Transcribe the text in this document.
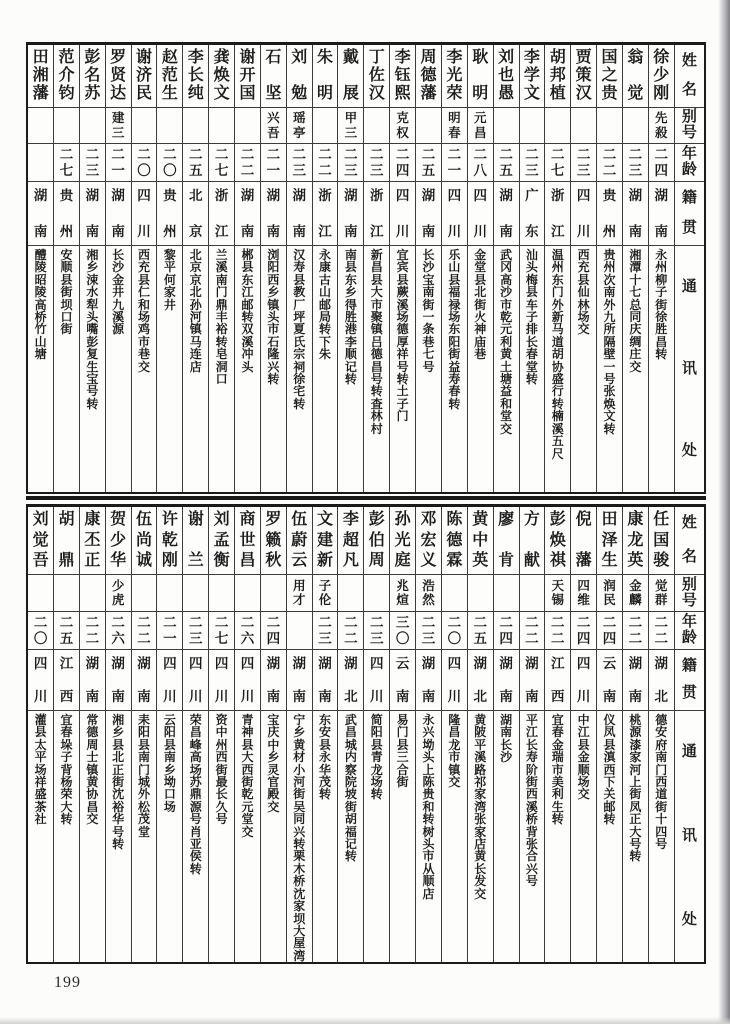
姓
名
别
号
年
龄
籍
贯
通
讯
处
徐
少
刚
先
殺
二
四
湖
南
永
州
柳
子
街
徐
胜
昌
转
翁
觉
二
三
湖
南
湘
潭
十
七
总
同
庆
绸
庄
交
国
之
贵
二
二
贵
州
贵
州
次
南
外
九
所
隔
壁
一
号
张
焕
文
转
贾
策
汉
二
三
四
川
西
充
县
仙
林
场
交
胡
邦
植
二
七
浙
江
温
州
东
门
外
新
马
道
胡
协
盛
行
转
楠
溪
五
尺
李
学
文
二
三
广
东
汕
头
梅
县
车
子
排
长
春
堂
转
刘
也
愚
二
五
湖
南
武
冈
高
沙
市
乾
元
利
黄
土
塘
益
和
堂
交
耿
明
元
昌
二
八
四
川
金
堂
县
北
街
火
神
庙
巷
李
光
荣
明
春
二
一
四
川
乐
山
县
福
禄
场
东
阳
街
益
寿
春
转
周
德
藩
二
五
湖
南
长
沙
宝
南
街
一
条
巷
七
号
李
钰
熙
克
权
二
四
四
川
宜
宾
县
蕨
溪
场
德
厚
祥
号
转
土
子
门
丁
佐
汉
二
三
浙
江
新
昌
县
大
市
聚
镇
吕
德
昌
号
转
查
林
村
戴
展
甲
三
二
三
湖
南
南
县
东
乡
得
胜
港
李
顺
记
转
朱
明
二
二
浙
江
永
康
古
山
邮
局
转
下
朱
刘
勉
瑶
亭
二
三
湖
南
汉
寿
县
教
厂
坪
夏
氏
宗
祠
徐
宅
转
石
坚
兴
吾
二
一
湖
南
浏
阳
西
乡
镇
头
市
石
隆
兴
转
谢
开
国
二
二
湖
南
郴
县
东
江
邮
转
双
溪
冲
头
龚
焕
文
二
七
浙
江
兰
溪
南
门
鼎
丰
裕
转
皂
洞
口
李
长
纯
二
五
北
京
北
京
京
北
孙
河
镇
马
连
店
赵
范
生
二
〇
贵
州
黎
平
何
家
井
谢
济
民
二
〇
四
川
西
充
县
仁
和
场
鸡
市
巷
交
罗
贤
达
建
三
二
一
湖
南
长
沙
金
井
九
溪
源
彭
名
苏
二
三
湖
南
湘
乡
涑
水
犁
头
嘴
彭
复
生
宝
号
转
范
介
钧
二
七
贵
州
安
顺
县
街
坝
口
街
田
湘
藩
湖
南
醴
陵
昭
陵
高
桥
竹
山
塘
姓
名
别
号
年
龄
籍
贯
通
讯
处
任
国
骏
觉
群
二
二
湖
北
德
安
府
南
门
西
道
街
十
四
号
康
龙
英
金
麟
二
二
湖
南
桃
源
漆
家
河
上
街
凤
正
大
号
转
田
泽
生
润
民
二
四
云
南
仪
凤
县
滇
西
下
关
邮
转
倪
藩
四
维
二
四
四
川
中
江
县
金
顺
场
交
彭
焕
祺
天
锡
二
二
江
西
宜
春
金
瑞
市
美
利
生
转
方
献
二
二
湖
南
平
江
长
寿
阶
街
西
溪
桥
背
张
合
兴
号
廖
肯
二
四
湖
南
湖
南
长
沙
黄
中
英
二
五
湖
北
黄
陂
平
溪
路
祁
家
湾
张
家
店
黄
长
发
交
陈
德
霖
二
〇
四
川
隆
昌
龙
市
镇
交
邓
宏
义
浩
然
二
三
湖
南
永
兴
坳
头
上
陈
贵
和
转
树
头
市
从
顺
店
孙
光
庭
兆
煊
三
〇
云
南
易
门
县
三
合
街
彭
伯
周
二
三
四
川
简
阳
县
青
龙
场
转
李
超
凡
二
二
湖
北
武
昌
城
内
察
院
坡
街
胡
福
记
转
文
建
新
子
伦
二
三
湖
南
东
安
县
永
华
茂
转
伍
蔚
云
用
才
湖
南
宁
乡
黄
材
小
河
街
吴
同
兴
转
栗
木
桥
沈
家
坝
大
屋
湾
罗
籁
秋
二
四
湖
南
宝
庆
中
乡
灵
官
殿
交
商
世
昌
二
六
四
川
青
神
县
大
西
街
乾
元
堂
交
刘
孟
衡
二
七
四
川
资
中
州
西
街
最
长
久
号
谢
兰
二
三
四
川
荣
昌
峰
高
场
苏
鼎
源
号
肖
亚
侯
转
许
乾
刚
二
一
四
川
云
阳
县
南
乡
坳
口
场
伍
尚
诚
二
二
湖
南
耒
阳
县
南
门
城
外
松
茂
堂
贺
少
华
少
虎
二
六
湖
南
湘
乡
县
北
正
街
沈
裕
华
号
转
康
丕
正
二
二
湖
南
常
德
周
士
镇
黄
协
昌
交
胡
鼎
二
五
江
西
宜
春
垛
子
背
杨
荣
大
转
刘
觉
吾
二
〇
四
川
灌
县
太
平
场
祥
盛
茶
社
199
